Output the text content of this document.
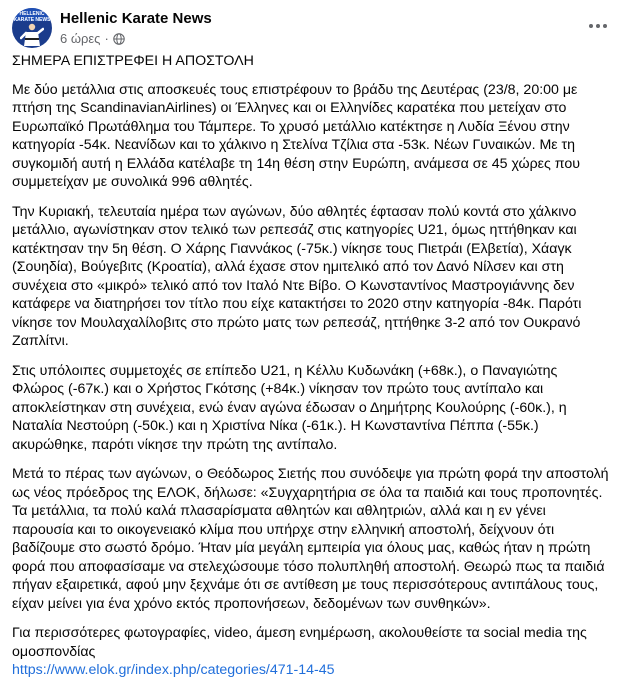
HELLENIC KARATE NEWS Hellenic Karate News
6 ώρες ·

ΣΗΜΕΡΑ ΕΠΙΣΤΡΕΦΕΙ Η ΑΠΟΣΤΟΛΗ

Με δύο μετάλλια στις αποσκευές τους επιστρέφουν το βράδυ της Δευτέρας (23/8, 20:00 με πτήση της ScandinavianAirlines) οι Έλληνες και οι Ελληνίδες καρατέκα που μετείχαν στο Ευρωπαϊκό Πρωτάθλημα του Τάμπερε. Το χρυσό μετάλλιο κατέκτησε η Λυδία Ξένου στην κατηγορία -54κ. Νεανίδων και το χάλκινο η Στελίνα Τζίλια στα -53κ. Νέων Γυναικών. Με τη συγκομιδή αυτή η Ελλάδα κατέλαβε τη 14η θέση στην Ευρώπη, ανάμεσα σε 45 χώρες που συμμετείχαν με συνολικά 996 αθλητές.

Την Κυριακή, τελευταία ημέρα των αγώνων, δύο αθλητές έφτασαν πολύ κοντά στο χάλκινο μετάλλιο, αγωνίστηκαν στον τελικό των ρεπεσάζ στις κατηγορίες U21, όμως ηττήθηκαν και κατέκτησαν την 5η θέση. Ο Χάρης Γιαννάκος (-75κ.) νίκησε τους Πιετράι (Ελβετία), Χάαγκ (Σουηδία), Βούγεβιτς (Κροατία), αλλά έχασε στον ημιτελικό από τον Δανό Νίλσεν και στη συνέχεια στο «μικρό» τελικό από τον Ιταλό Ντε Βίβο. Ο Κωνσταντίνος Μαστρογιάννης δεν κατάφερε να διατηρήσει τον τίτλο που είχε κατακτήσει το 2020 στην κατηγορία -84κ. Παρότι νίκησε τον Μουλαχαλίλοβιτς στο πρώτο ματς των ρεπεσάζ, ηττήθηκε 3-2 από τον Ουκρανό Ζαπλίτνι.

Στις υπόλοιπες συμμετοχές σε επίπεδο U21, η Κέλλυ Κυδωνάκη (+68κ.), ο Παναγιώτης Φλώρος (-67κ.) και ο Χρήστος Γκότσης (+84κ.) νίκησαν τον πρώτο τους αντίπαλο και αποκλείστηκαν στη συνέχεια, ενώ έναν αγώνα έδωσαν ο Δημήτρης Κουλούρης (-60κ.), η Ναταλία Νεστούρη (-50κ.) και η Χριστίνα Νίκα (-61κ.). Η Κωνσταντίνα Πέππα (-55κ.) ακυρώθηκε, παρότι νίκησε την πρώτη της αντίπαλο.

Μετά το πέρας των αγώνων, ο Θεόδωρος Σιετής που συνόδεψε για πρώτη φορά την αποστολή ως νέος πρόεδρος της ΕΛΟΚ, δήλωσε: «Συγχαρητήρια σε όλα τα παιδιά και τους προπονητές. Τα μετάλλια, τα πολύ καλά πλασαρίσματα αθλητών και αθλητριών, αλλά και η εν γένει παρουσία και το οικογενειακό κλίμα που υπήρχε στην ελληνική αποστολή, δείχνουν ότι βαδίζουμε στο σωστό δρόμο. Ήταν μία μεγάλη εμπειρία για όλους μας, καθώς ήταν η πρώτη φορά που αποφασίσαμε να στελεχώσουμε τόσο πολυπληθή αποστολή. Θεωρώ πως τα παιδιά πήγαν εξαιρετικά, αφού μην ξεχνάμε ότι σε αντίθεση με τους περισσότερους αντιπάλους τους, είχαν μείνει για ένα χρόνο εκτός προπονήσεων, δεδομένων των συνθηκών».

Για περισσότερες φωτογραφίες, video, άμεση ενημέρωση, ακολουθείστε τα social media της ομοσπονδίας

https://www.elok.gr/index.php/categories/471-14-45
